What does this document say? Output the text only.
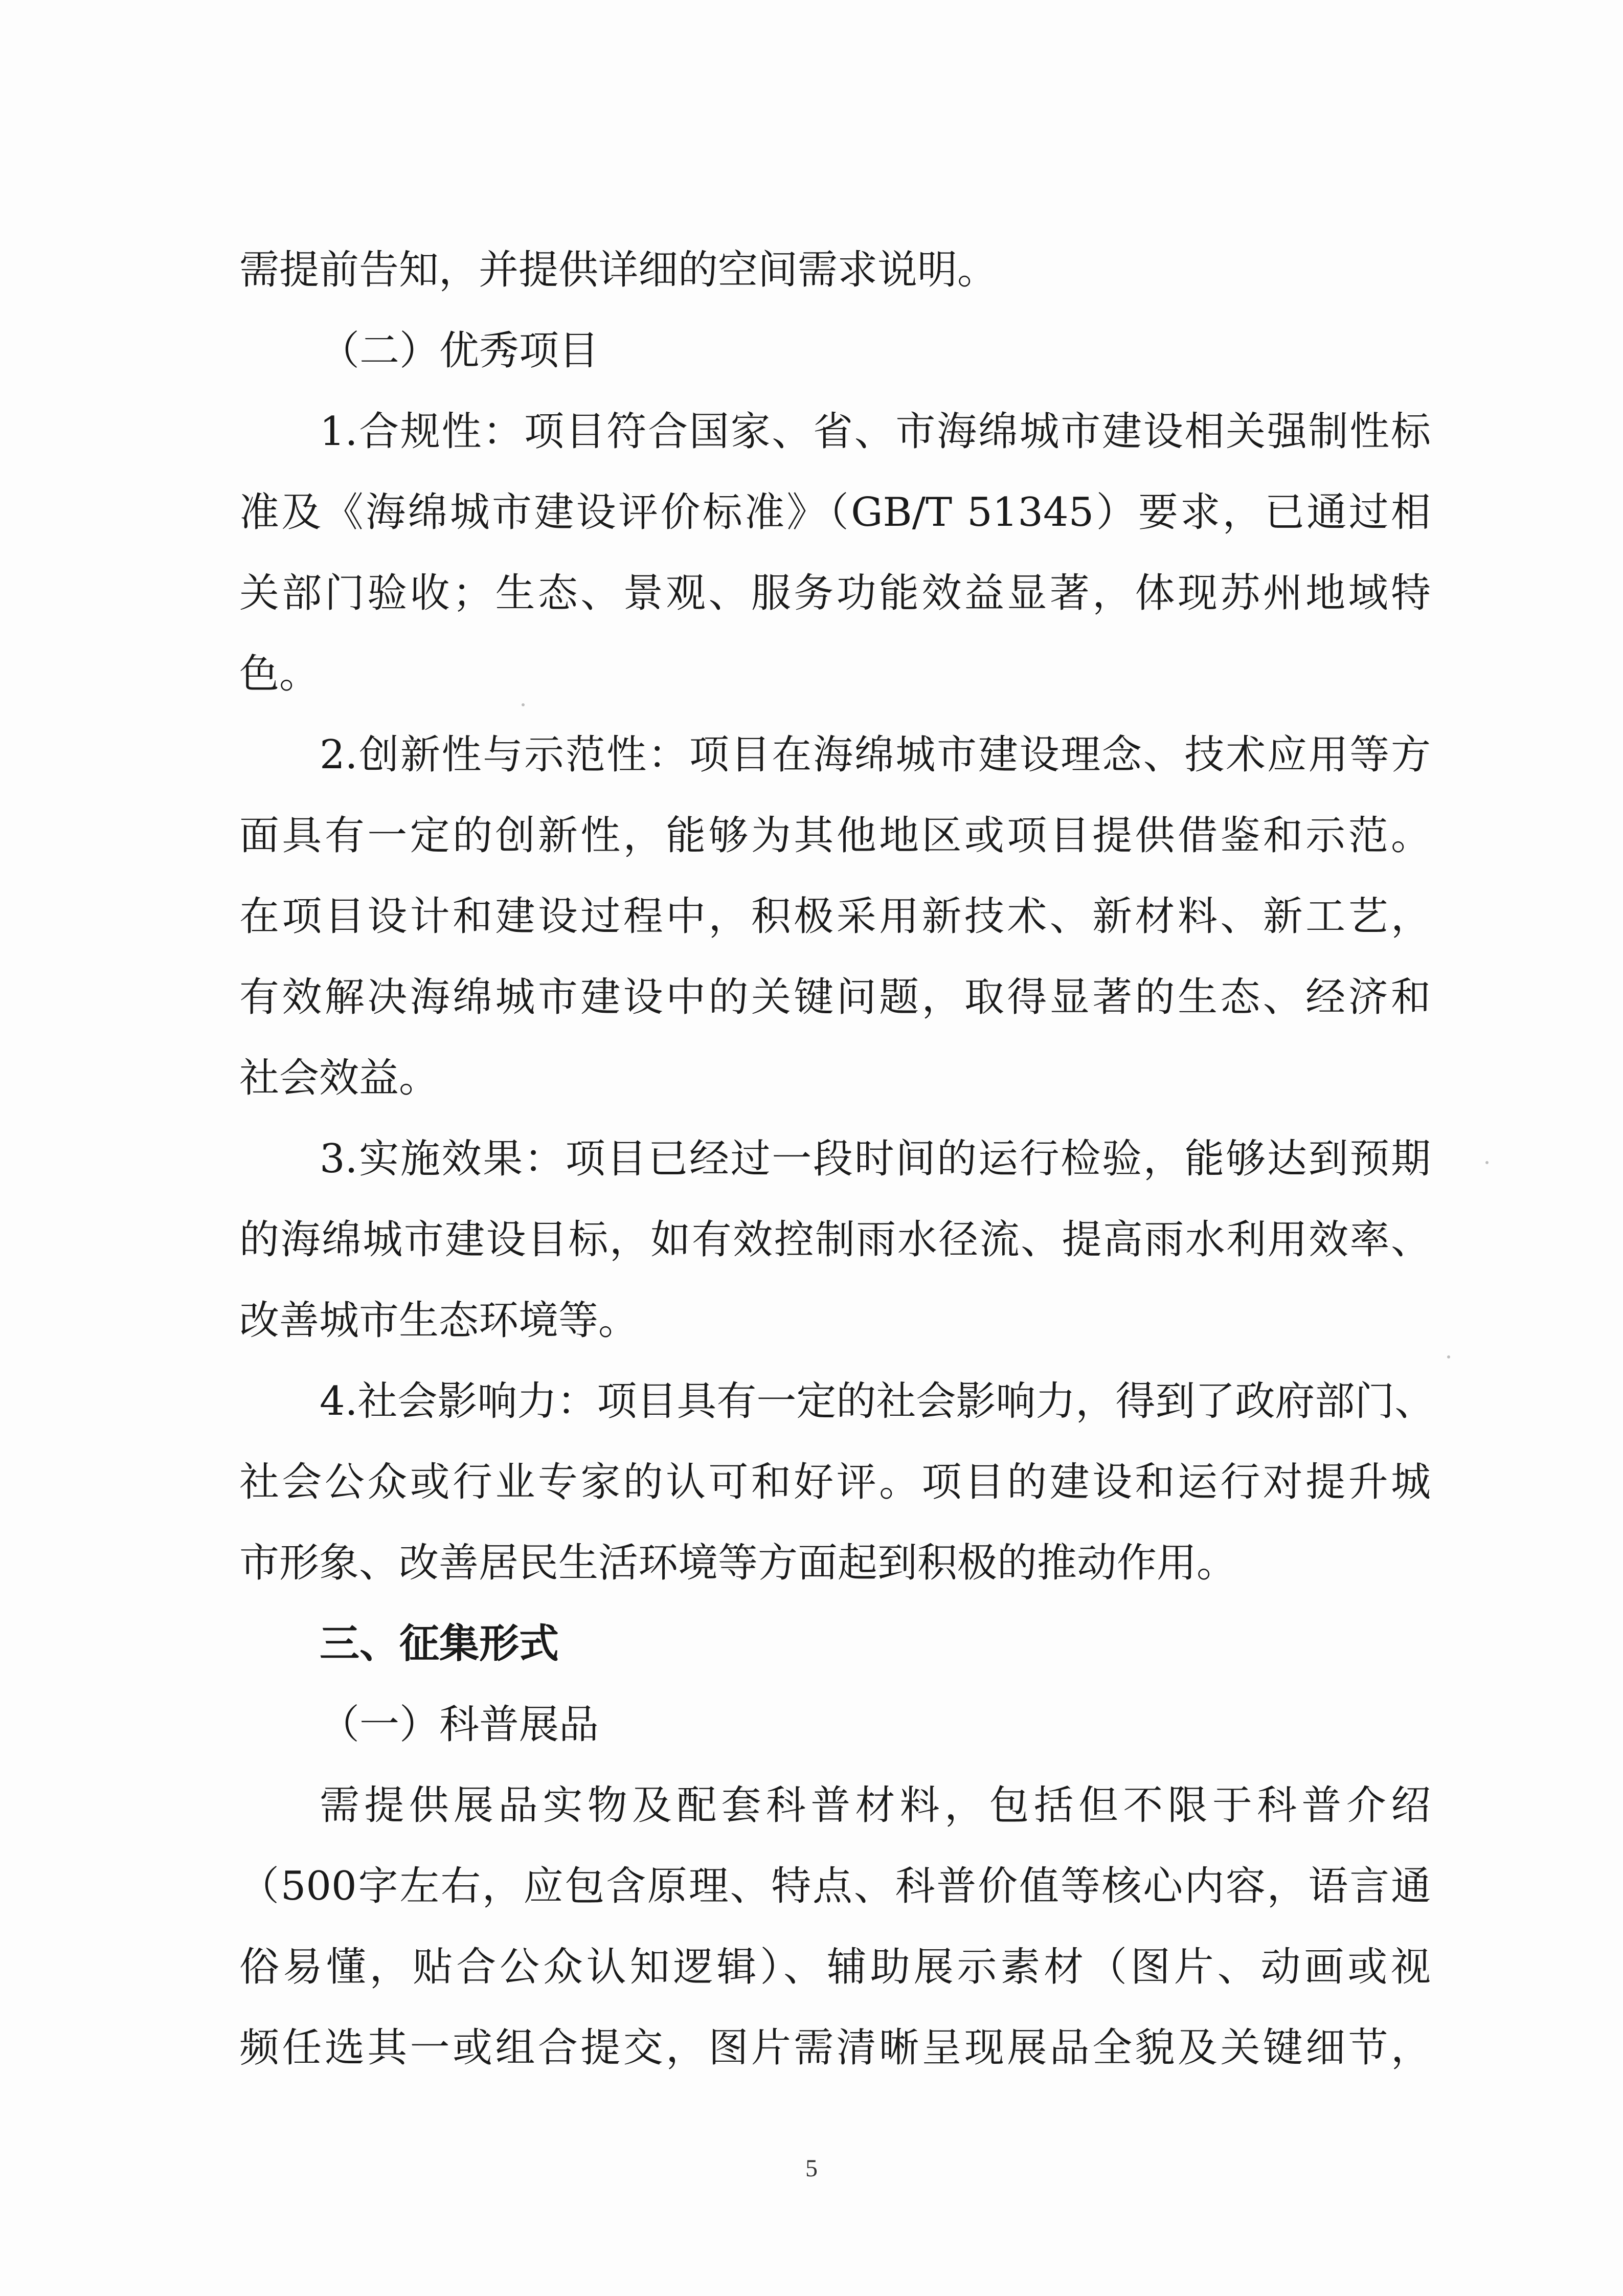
需提前告知，并提供详细的空间需求说明。
（二）优秀项目
1.合规性：项目符合国家、省、市海绵城市建设相关强制性标
准及《海绵城市建设评价标准》（GB/T 51345）要求，已通过相
关部门验收；生态、景观、服务功能效益显著，体现苏州地域特
色。
2.创新性与示范性：项目在海绵城市建设理念、技术应用等方
面具有一定的创新性，能够为其他地区或项目提供借鉴和示范。
在项目设计和建设过程中，积极采用新技术、新材料、新工艺，
有效解决海绵城市建设中的关键问题，取得显著的生态、经济和
社会效益。
3.实施效果：项目已经过一段时间的运行检验，能够达到预期
的海绵城市建设目标，如有效控制雨水径流、提高雨水利用效率、
改善城市生态环境等。
4.社会影响力：项目具有一定的社会影响力，得到了政府部门、
社会公众或行业专家的认可和好评。项目的建设和运行对提升城
市形象、改善居民生活环境等方面起到积极的推动作用。
三、征集形式
（一）科普展品
需提供展品实物及配套科普材料，包括但不限于科普介绍
（500字左右，应包含原理、特点、科普价值等核心内容，语言通
俗易懂，贴合公众认知逻辑）、辅助展示素材（图片、动画或视
频任选其一或组合提交，图片需清晰呈现展品全貌及关键细节，
5
